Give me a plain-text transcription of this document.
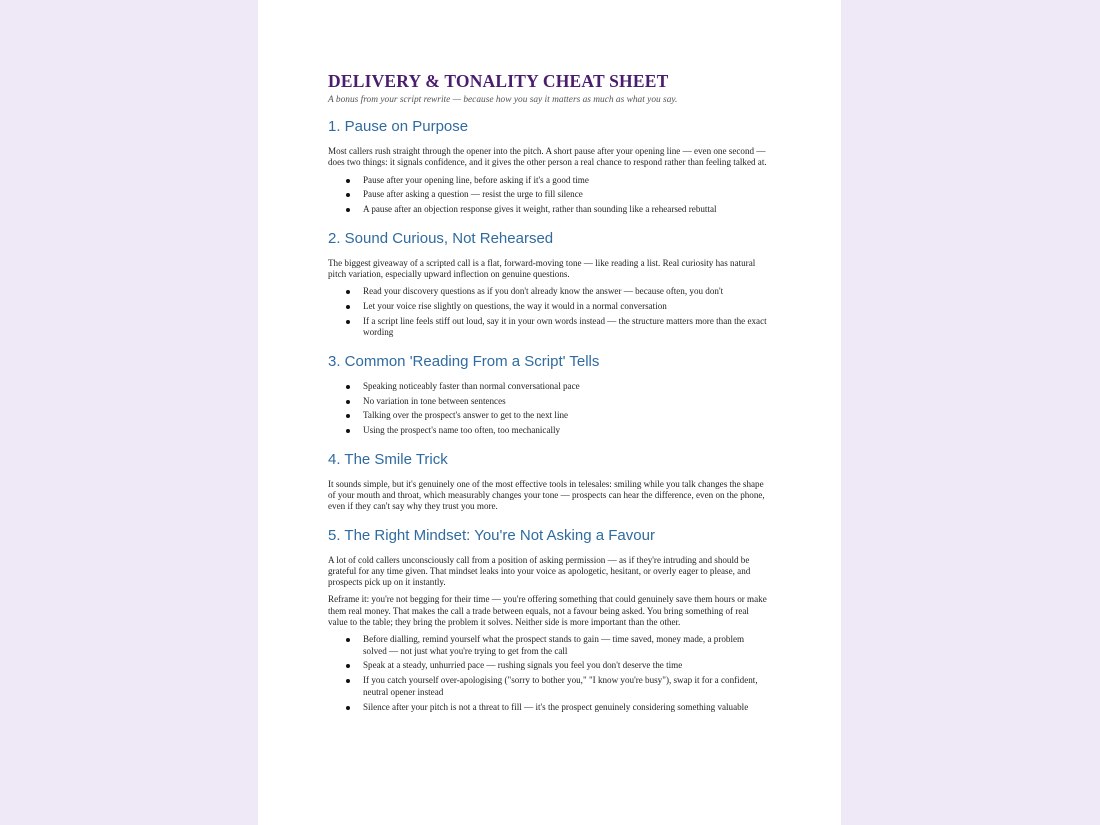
DELIVERY & TONALITY CHEAT SHEET

A bonus from your script rewrite — because how you say it matters as much as what you say.

1. Pause on Purpose

Most callers rush straight through the opener into the pitch. A short pause after your opening line — even one second — does two things: it signals confidence, and it gives the other person a real chance to respond rather than feeling talked at.

Pause after your opening line, before asking if it's a good time
Pause after asking a question — resist the urge to fill silence
A pause after an objection response gives it weight, rather than sounding like a rehearsed rebuttal
2. Sound Curious, Not Rehearsed

The biggest giveaway of a scripted call is a flat, forward-moving tone — like reading a list. Real curiosity has natural pitch variation, especially upward inflection on genuine questions.

Read your discovery questions as if you don't already know the answer — because often, you don't
Let your voice rise slightly on questions, the way it would in a normal conversation
If a script line feels stiff out loud, say it in your own words instead — the structure matters more than the exact wording
3. Common 'Reading From a Script' Tells
Speaking noticeably faster than normal conversational pace
No variation in tone between sentences
Talking over the prospect's answer to get to the next line
Using the prospect's name too often, too mechanically
4. The Smile Trick

It sounds simple, but it's genuinely one of the most effective tools in telesales: smiling while you talk changes the shape of your mouth and throat, which measurably changes your tone — prospects can hear the difference, even on the phone, even if they can't say why they trust you more.

5. The Right Mindset: You're Not Asking a Favour

A lot of cold callers unconsciously call from a position of asking permission — as if they're intruding and should be grateful for any time given. That mindset leaks into your voice as apologetic, hesitant, or overly eager to please, and prospects pick up on it instantly.

Reframe it: you're not begging for their time — you're offering something that could genuinely save them hours or make them real money. That makes the call a trade between equals, not a favour being asked. You bring something of real value to the table; they bring the problem it solves. Neither side is more important than the other.

Before dialling, remind yourself what the prospect stands to gain — time saved, money made, a problem solved — not just what you're trying to get from the call
Speak at a steady, unhurried pace — rushing signals you feel you don't deserve the time
If you catch yourself over-apologising ("sorry to bother you," "I know you're busy"), swap it for a confident, neutral opener instead
Silence after your pitch is not a threat to fill — it's the prospect genuinely considering something valuable
